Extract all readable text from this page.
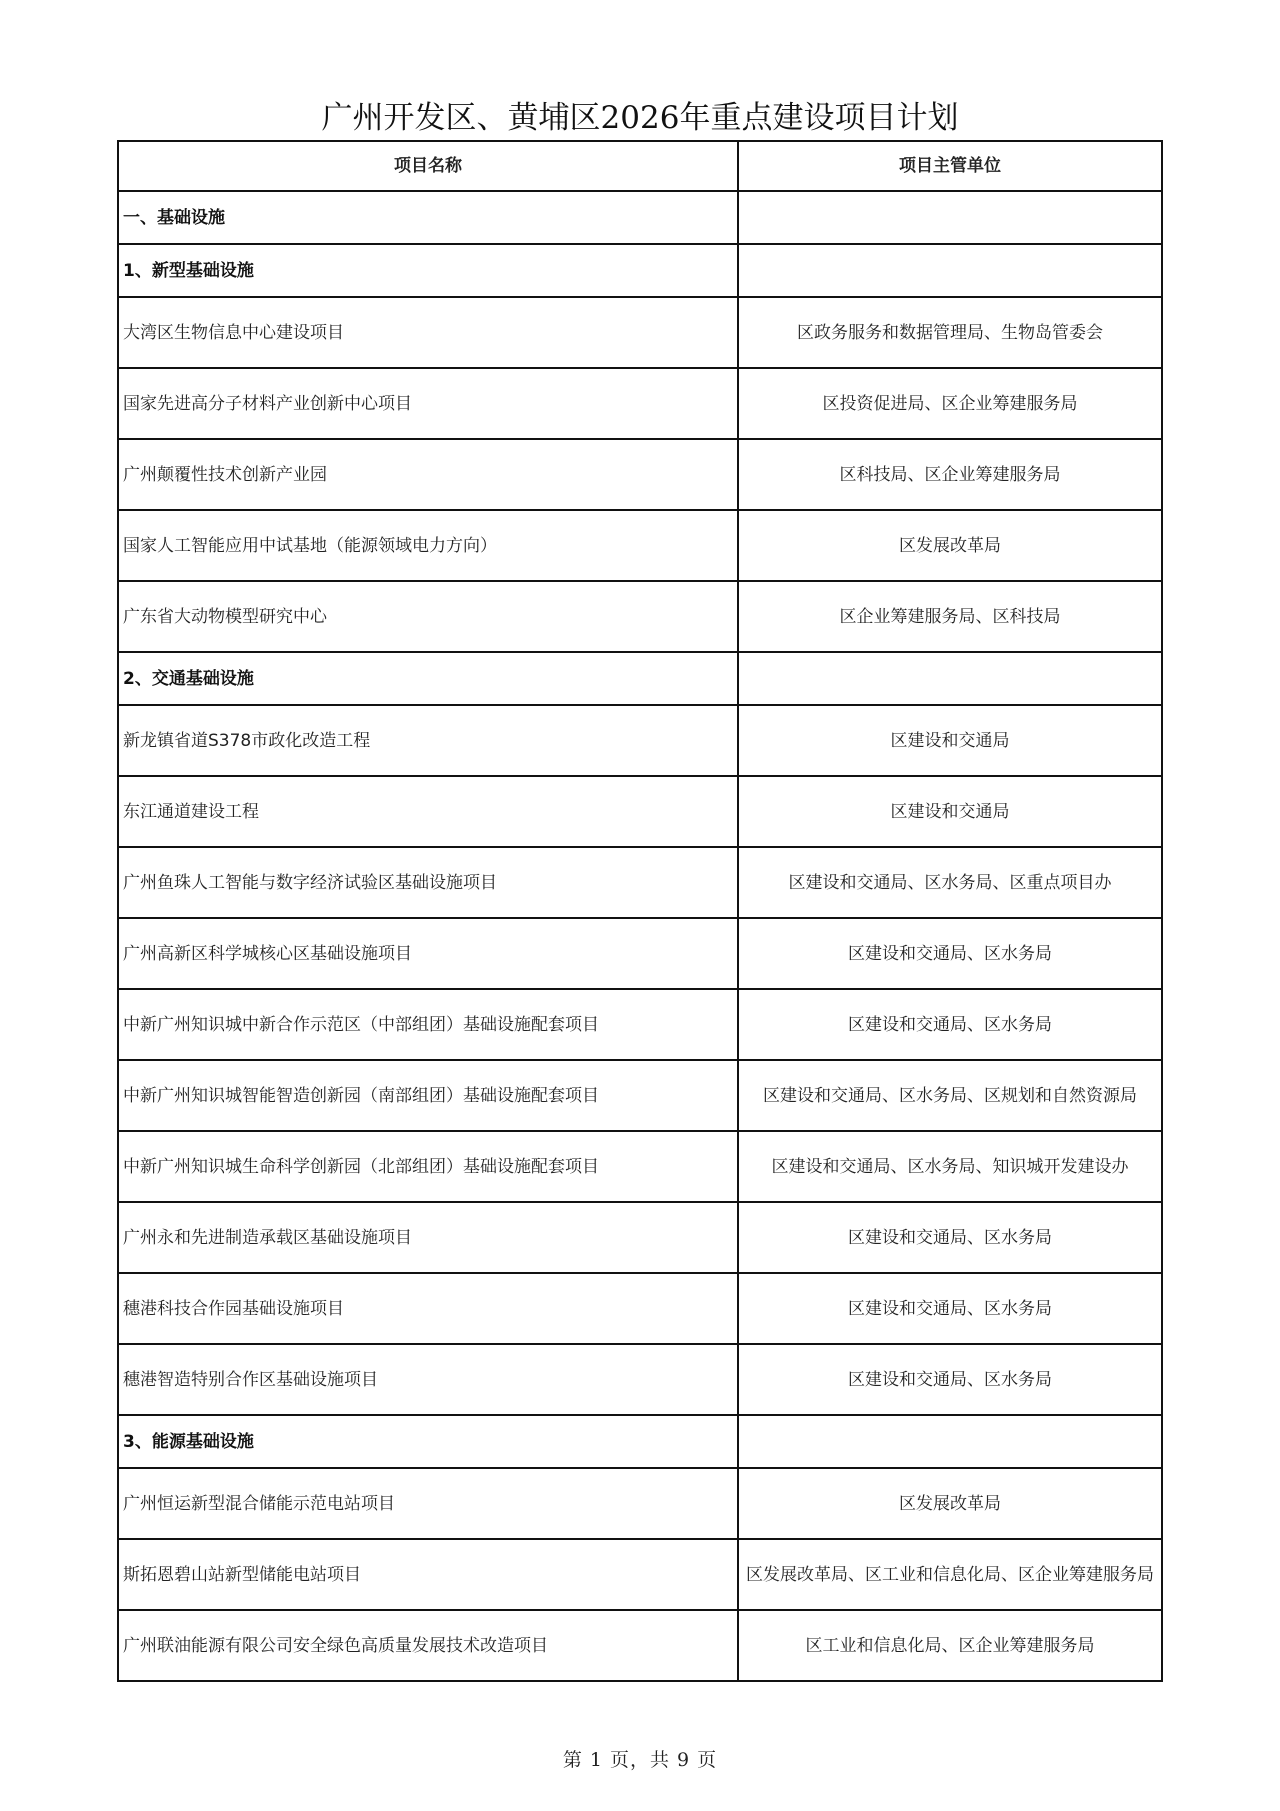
广州开发区、黄埔区2026年重点建设项目计划
项目名称	项目主管单位
一、基础设施	
1、新型基础设施	
大湾区生物信息中心建设项目	区政务服务和数据管理局、生物岛管委会
国家先进高分子材料产业创新中心项目	区投资促进局、区企业筹建服务局
广州颠覆性技术创新产业园	区科技局、区企业筹建服务局
国家人工智能应用中试基地（能源领域电力方向）	区发展改革局
广东省大动物模型研究中心	区企业筹建服务局、区科技局
2、交通基础设施	
新龙镇省道S378市政化改造工程	区建设和交通局
东江通道建设工程	区建设和交通局
广州鱼珠人工智能与数字经济试验区基础设施项目	区建设和交通局、区水务局、区重点项目办
广州高新区科学城核心区基础设施项目	区建设和交通局、区水务局
中新广州知识城中新合作示范区（中部组团）基础设施配套项目	区建设和交通局、区水务局
中新广州知识城智能智造创新园（南部组团）基础设施配套项目	区建设和交通局、区水务局、区规划和自然资源局
中新广州知识城生命科学创新园（北部组团）基础设施配套项目	区建设和交通局、区水务局、知识城开发建设办
广州永和先进制造承载区基础设施项目	区建设和交通局、区水务局
穗港科技合作园基础设施项目	区建设和交通局、区水务局
穗港智造特别合作区基础设施项目	区建设和交通局、区水务局
3、能源基础设施	
广州恒运新型混合储能示范电站项目	区发展改革局
斯拓恩碧山站新型储能电站项目	区发展改革局、区工业和信息化局、区企业筹建服务局
广州联油能源有限公司安全绿色高质量发展技术改造项目	区工业和信息化局、区企业筹建服务局
第 1 页，共 9 页
